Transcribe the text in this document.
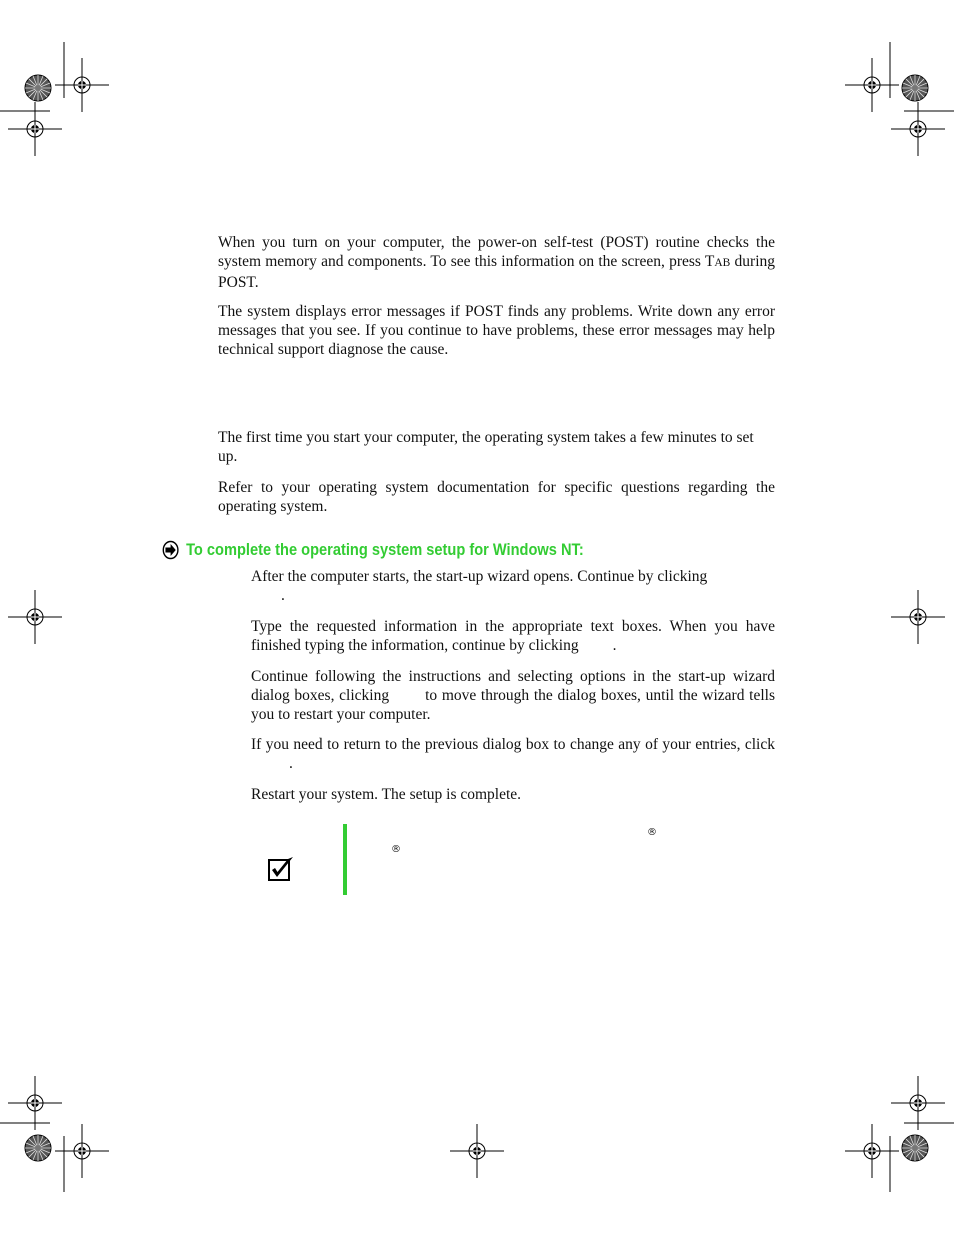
When you turn on your computer, the power-on self-test (POST) routine checks the system memory and components. To see this information on the screen, press TAB during POST.

The system displays error messages if POST finds any problems. Write down any error messages that you see. If you continue to have problems, these error messages may help technical support diagnose the cause.

The first time you start your computer, the operating system takes a few minutes to set up.

Refer to your operating system documentation for specific questions regarding the operating system.

To complete the operating system setup for Windows NT:

After the computer starts, the start-up wizard opens. Continue by clicking
.

Type the requested information in the appropriate text boxes. When you have finished typing the information, continue by clicking .

Continue following the instructions and selecting options in the start-up wizard dialog boxes, clicking to move through the dialog boxes, until the wizard tells you to restart your computer.

If you need to return to the previous dialog box to change any of your entries, click.

Restart your system. The setup is complete.

®
®
